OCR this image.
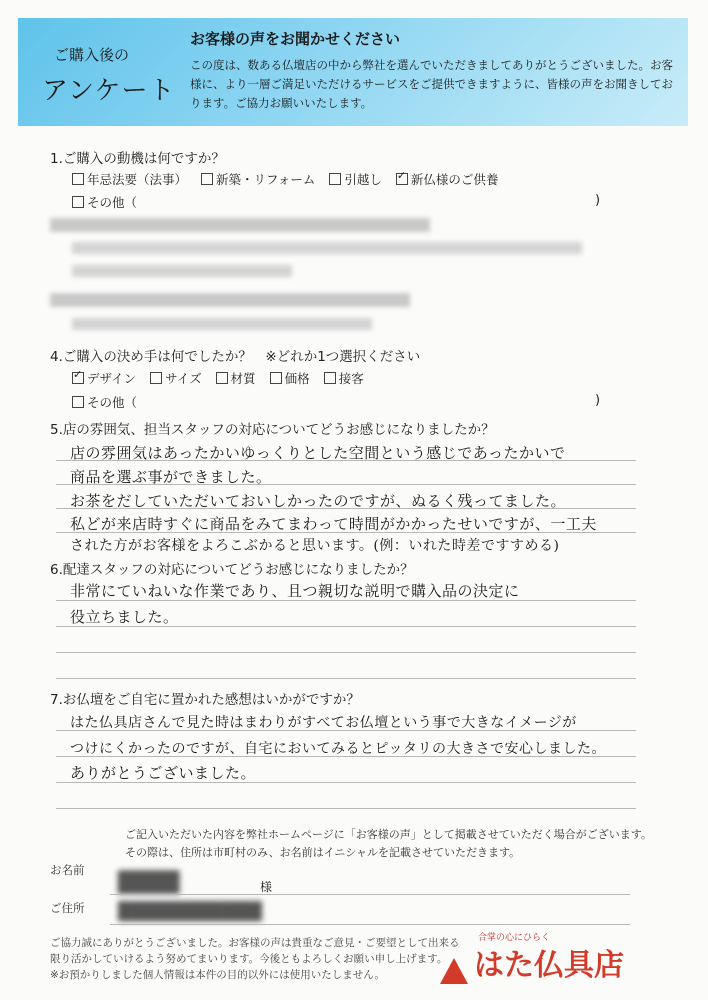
ご購入後の
アンケート
お客様の声をお聞かせください
この度は、数ある仏壇店の中から弊社を選んでいただきましてありがとうございました。お客様に、より一層ご満足いただけるサービスをご提供できますように、皆様の声をお聞きしております。ご協力お願いいたします。
1.ご購入の動機は何ですか？
年忌法要（法事） 新築・リフォーム 引越し
✓ 新仏様のご供養
その他（	)
4.ご購入の決め手は何でしたか？　※どれか1つ選択ください
✓
デザイン サイズ 材質 価格 接客
その他（	)
5.店の雰囲気、担当スタッフの対応についてどうお感じになりましたか？
店の雰囲気はあったかいゆっくりとした空間という感じであったかいで
商品を選ぶ事ができました。
お茶をだしていただいておいしかったのですが、ぬるく残ってました。
私どが来店時すぐに商品をみてまわって時間がかかったせいですが、一工夫
された方がお客様をよろこぶかると思います。(例：いれた時差ですすめる)
6.配達スタッフの対応についてどうお感じになりましたか？
非常にていねいな作業であり、且つ親切な説明で購入品の決定に
役立ちました。
7.お仏壇をご自宅に置かれた感想はいかがですか？
はた仏具店さんで見た時はまわりがすべてお仏壇という事で大きなイメージが
つけにくかったのですが、自宅においてみるとピッタリの大きさで安心しました。
ありがとうございました。
ご記入いただいた内容を弊社ホームページに「お客様の声」として掲載させていただく場合がございます。
その際は、住所は市町村のみ、お名前はイニシャルを記載させていただきます。
お名前 ████	様
ご住所 ███████████
ご協力誠にありがとうございました。お客様の声は貴重なご意見・ご要望として出来る
限り活かしていけるよう努めてまいります。今後ともよろしくお願い申し上げます。
※お預かりしました個人情報は本件の目的以外には使用いたしません。
合掌の心にひらく
はた仏具店
